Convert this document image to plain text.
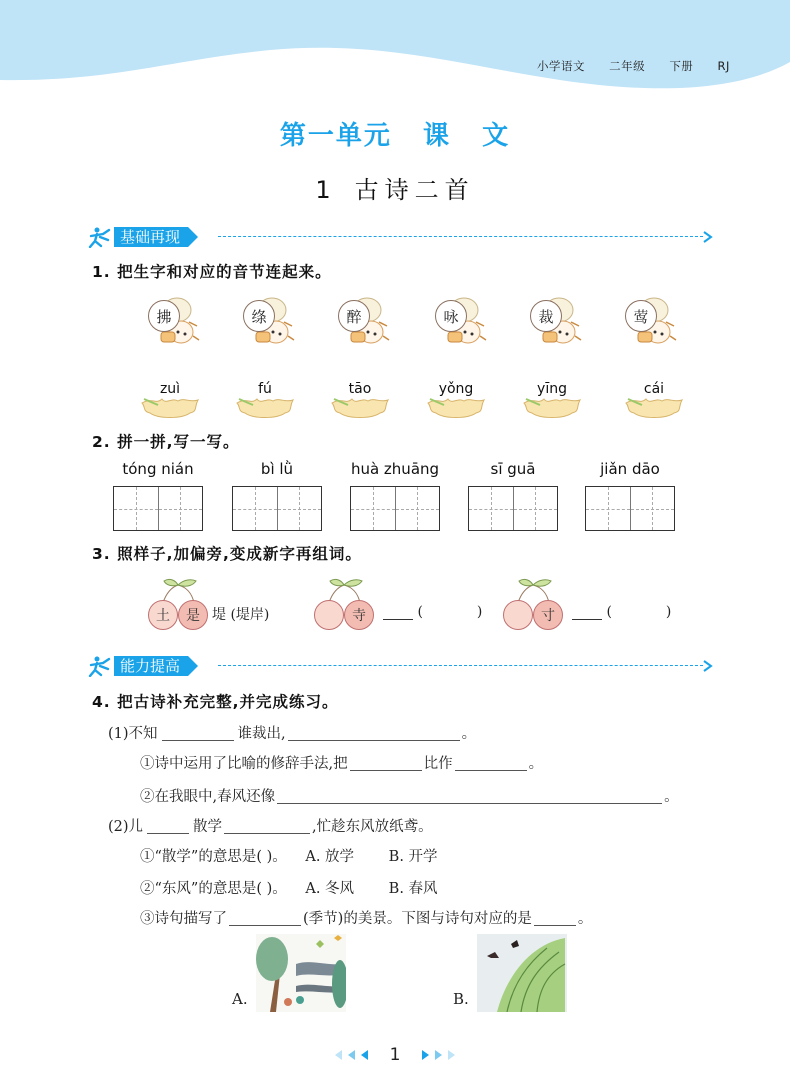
小学语文 二年级 下册 RJ
第一单元 课 文
1 古诗二首
基础再现
1. 把生字和对应的音节连起来。
拂	绦	醉	咏	裁	莺
zuì	fú	tāo	yǒng	yīng	cái
2. 拼一拼,写一写。
tóng nián	bì lǜ	huà zhuāng	sī guā	jiǎn dāo
3. 照样子,加偏旁,变成新字再组词。
土	是 堤 (堤岸)	寺	(	)	寸	(	)
能力提高
4. 把古诗补充完整,并完成练习。
(1)不知	谁裁出,	。
①诗中运用了比喻的修辞手法,把	比作	。
②在我眼中,春风还像	。
(2)儿	散学	,忙趁东风放纸鸢。
①“散学”的意思是( )。 A. 放学 B. 开学
②“东风”的意思是( )。 A. 冬风 B. 春风
③诗句描写了	(季节)的美景。下图与诗句对应的是	。
A.	B.
1
